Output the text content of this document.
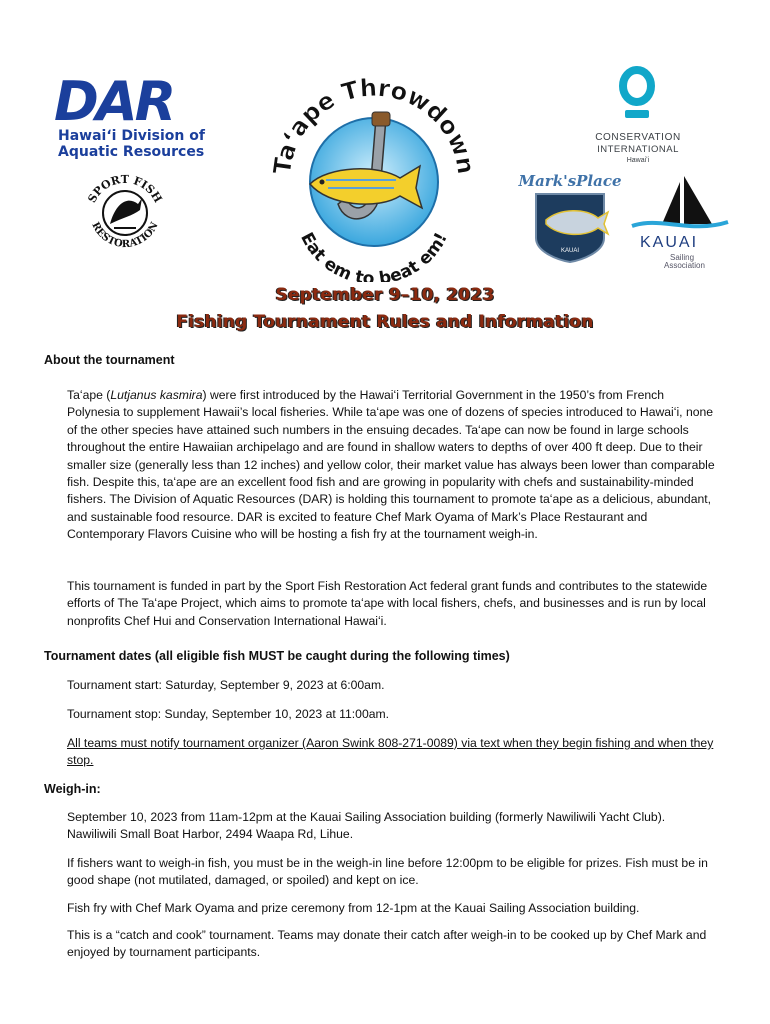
DAR
Hawaiʻi Division of
Aquatic Resources
SPORT FISH
RESTORATION
Taʻape Throwdown
Eat em to beat em!
CONSERVATION
INTERNATIONAL
Hawaiʻi
Mark'sPlace
KAUAI	KAUAI
Sailing
Association
September 9–10, 2023
Fishing Tournament Rules and Information
About the tournament
Taʻape (Lutjanus kasmira) were first introduced by the Hawaiʻi Territorial Government in the 1950’s from French Polynesia to supplement Hawaii’s local fisheries. While taʻape was one of dozens of species introduced to Hawaiʻi, none of the other species have attained such numbers in the ensuing decades. Taʻape can now be found in large schools throughout the entire Hawaiian archipelago and are found in shallow waters to depths of over 400 ft deep. Due to their smaller size (generally less than 12 inches) and yellow color, their market value has always been lower than comparable fish. Despite this, taʻape are an excellent food fish and are growing in popularity with chefs and sustainability-minded fishers. The Division of Aquatic Resources (DAR) is holding this tournament to promote taʻape as a delicious, abundant, and sustainable food resource. DAR is excited to feature Chef Mark Oyama of Mark’s Place Restaurant and Contemporary Flavors Cuisine who will be hosting a fish fry at the tournament weigh-in.
This tournament is funded in part by the Sport Fish Restoration Act federal grant funds and contributes to the statewide efforts of The Taʻape Project, which aims to promote taʻape with local fishers, chefs, and businesses and is run by local nonprofits Chef Hui and Conservation International Hawaiʻi.
Tournament dates (all eligible fish MUST be caught during the following times)
Tournament start: Saturday, September 9, 2023 at 6:00am.
Tournament stop: Sunday, September 10, 2023 at 11:00am.
All teams must notify tournament organizer (Aaron Swink 808-271-0089) via text when they begin fishing and when they stop.
Weigh-in:
September 10, 2023 from 11am-12pm at the Kauai Sailing Association building (formerly Nawiliwili Yacht Club). Nawiliwili Small Boat Harbor, 2494 Waapa Rd, Lihue.
If fishers want to weigh-in fish, you must be in the weigh-in line before 12:00pm to be eligible for prizes. Fish must be in good shape (not mutilated, damaged, or spoiled) and kept on ice.
Fish fry with Chef Mark Oyama and prize ceremony from 12-1pm at the Kauai Sailing Association building.
This is a “catch and cook” tournament. Teams may donate their catch after weigh-in to be cooked up by Chef Mark and enjoyed by tournament participants.
